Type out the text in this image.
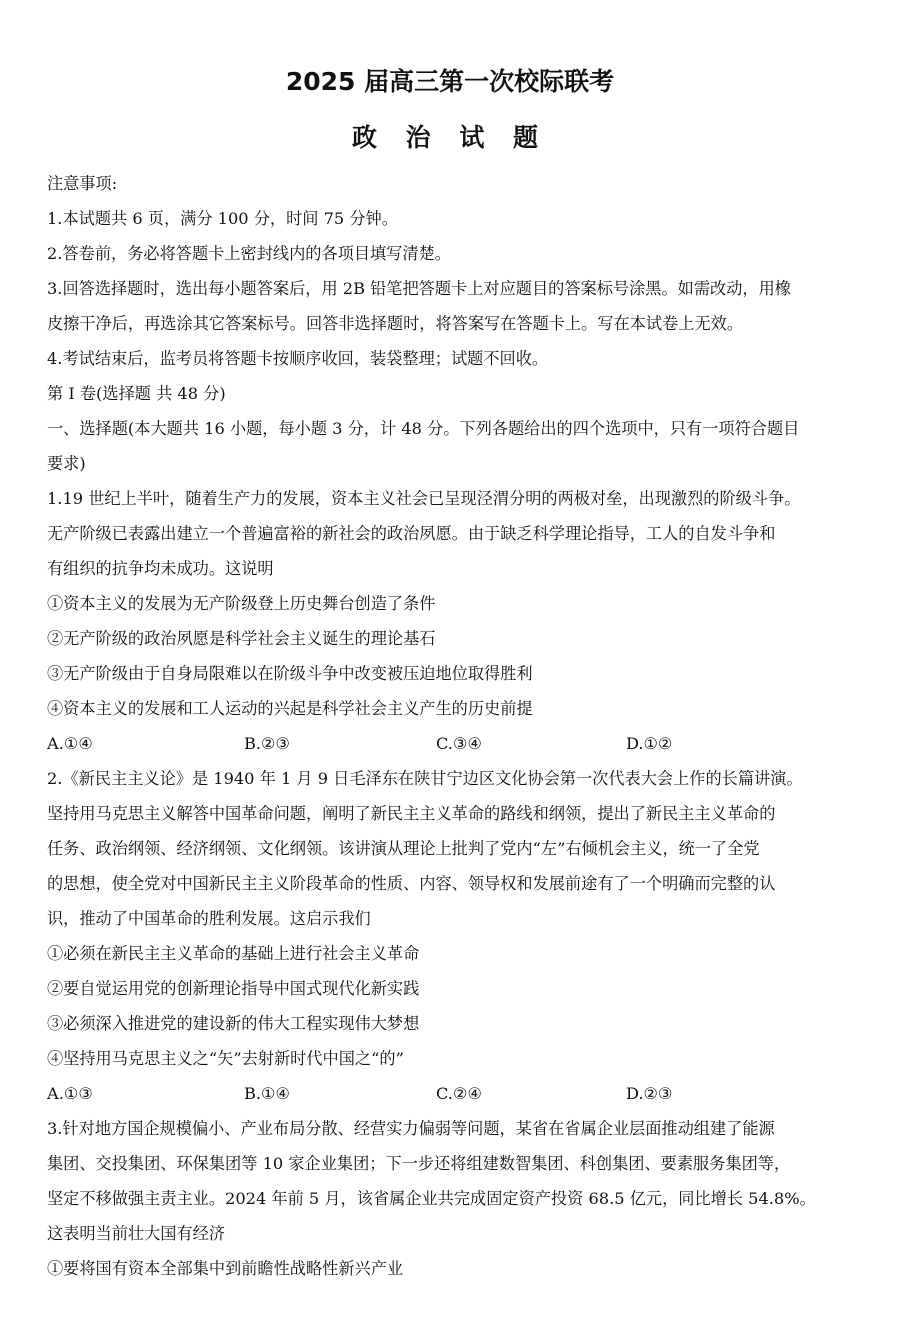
2025 届高三第一次校际联考
政 治 试 题
注意事项:
1.本试题共 6 页，满分 100 分，时间 75 分钟。
2.答卷前，务必将答题卡上密封线内的各项目填写清楚。
3.回答选择题时，选出每小题答案后，用 2B 铅笔把答题卡上对应题目的答案标号涂黑。如需改动，用橡
皮擦干净后，再选涂其它答案标号。回答非选择题时，将答案写在答题卡上。写在本试卷上无效。
4.考试结束后，监考员将答题卡按顺序收回，装袋整理；试题不回收。
第 I 卷(选择题 共 48 分)
一、选择题(本大题共 16 小题，每小题 3 分，计 48 分。下列各题给出的四个选项中，只有一项符合题目
要求)
1.19 世纪上半叶，随着生产力的发展，资本主义社会已呈现泾渭分明的两极对垒，出现激烈的阶级斗争。
无产阶级已表露出建立一个普遍富裕的新社会的政治夙愿。由于缺乏科学理论指导，工人的自发斗争和
有组织的抗争均未成功。这说明
①资本主义的发展为无产阶级登上历史舞台创造了条件
②无产阶级的政治夙愿是科学社会主义诞生的理论基石
③无产阶级由于自身局限难以在阶级斗争中改变被压迫地位取得胜利
④资本主义的发展和工人运动的兴起是科学社会主义产生的历史前提
A.①④	B.②③	C.③④	D.①②
2.《新民主主义论》是 1940 年 1 月 9 日毛泽东在陕甘宁边区文化协会第一次代表大会上作的长篇讲演。
坚持用马克思主义解答中国革命问题，阐明了新民主主义革命的路线和纲领，提出了新民主主义革命的
任务、政治纲领、经济纲领、文化纲领。该讲演从理论上批判了党内“左”右倾机会主义，统一了全党
的思想，使全党对中国新民主主义阶段革命的性质、内容、领导权和发展前途有了一个明确而完整的认
识，推动了中国革命的胜利发展。这启示我们
①必须在新民主主义革命的基础上进行社会主义革命
②要自觉运用党的创新理论指导中国式现代化新实践
③必须深入推进党的建设新的伟大工程实现伟大梦想
④坚持用马克思主义之“矢”去射新时代中国之“的”
A.①③	B.①④	C.②④	D.②③
3.针对地方国企规模偏小、产业布局分散、经营实力偏弱等问题，某省在省属企业层面推动组建了能源
集团、交投集团、环保集团等 10 家企业集团；下一步还将组建数智集团、科创集团、要素服务集团等，
坚定不移做强主责主业。2024 年前 5 月，该省属企业共完成固定资产投资 68.5 亿元，同比增长 54.8%。
这表明当前壮大国有经济
①要将国有资本全部集中到前瞻性战略性新兴产业
